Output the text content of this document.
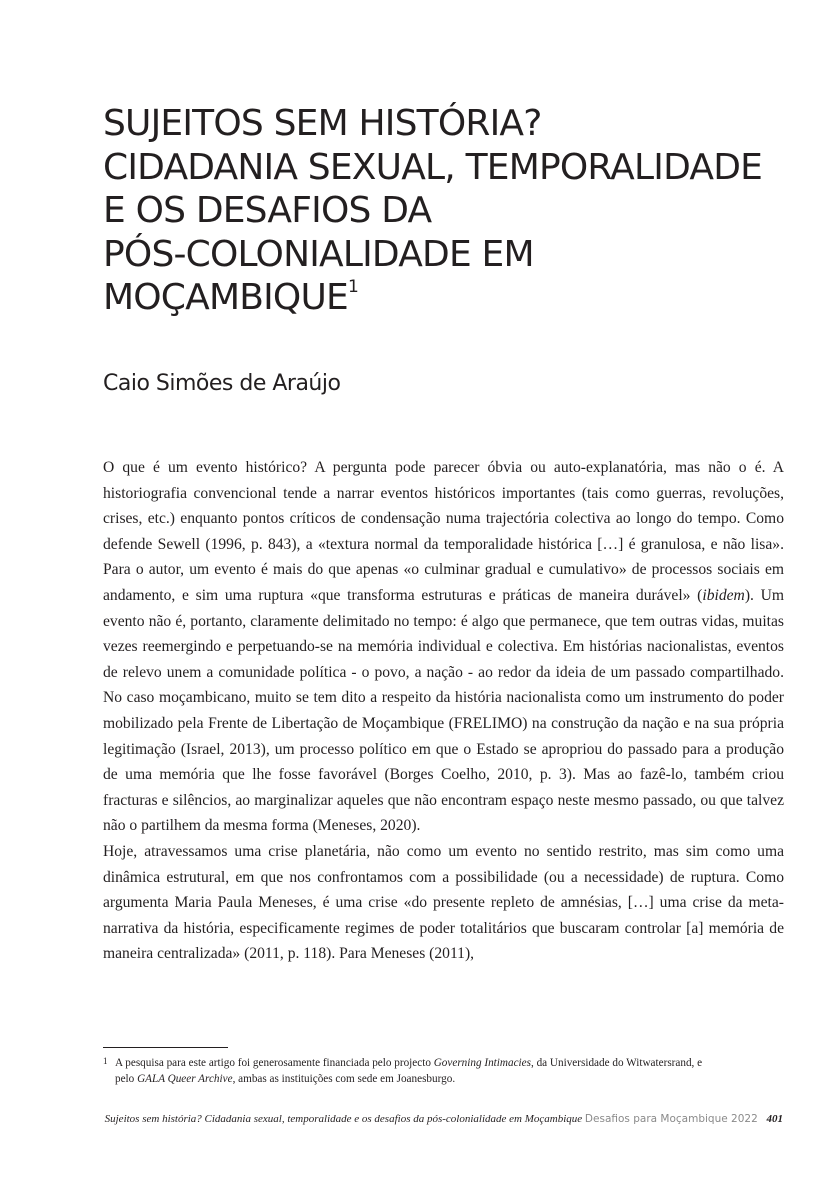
SUJEITOS SEM HISTÓRIA?
CIDADANIA SEXUAL, TEMPORALIDADE
E OS DESAFIOS DA
PÓS-COLONIALIDADE EM
MOÇAMBIQUE$^1$
Caio Simões de Araújo

O que é um evento histórico? A pergunta pode parecer óbvia ou auto-explanatória, mas não o é. A historiografia convencional tende a narrar eventos históricos importantes (tais como guerras, revoluções, crises, etc.) enquanto pontos críticos de condensação numa trajectória colectiva ao longo do tempo. Como defende Sewell (1996, p. 843), a «textura normal da temporalidade histórica […] é granulosa, e não lisa». Para o autor, um evento é mais do que apenas «o culminar gradual e cumulativo» de processos sociais em andamento, e sim uma ruptura «que transforma estruturas e práticas de maneira durável» (ibidem). Um evento não é, portanto, claramente delimitado no tempo: é algo que permanece, que tem outras vidas, muitas vezes reemergindo e perpetuando-se na memória individual e colectiva. Em histórias nacionalistas, eventos de relevo unem a comunidade política - o povo, a nação - ao redor da ideia de um passado compartilhado. No caso moçambicano, muito se tem dito a respeito da história nacionalista como um instrumento do poder mobilizado pela Frente de Libertação de Moçambique (FRELIMO) na construção da nação e na sua própria legitimação (Israel, 2013), um processo político em que o Estado se apropriou do passado para a produção de uma memória que lhe fosse favorável (Borges Coelho, 2010, p. 3). Mas ao fazê-lo, também criou fracturas e silêncios, ao marginalizar aqueles que não encontram espaço neste mesmo passado, ou que talvez não o partilhem da mesma forma (Meneses, 2020).

Hoje, atravessamos uma crise planetária, não como um evento no sentido restrito, mas sim como uma dinâmica estrutural, em que nos confrontamos com a possibilidade (ou a necessidade) de ruptura. Como argumenta Maria Paula Meneses, é uma crise «do presente repleto de amnésias, […] uma crise da meta-narrativa da história, especificamente regimes de poder totalitários que buscaram controlar [a] memória de maneira centralizada» (2011, p. 118). Para Meneses (2011),

1 A pesquisa para este artigo foi generosamente financiada pelo projecto Governing Intimacies, da Universidade do Witwatersrand, e pelo GALA Queer Archive, ambas as instituições com sede em Joanesburgo.
Sujeitos sem história? Cidadania sexual, temporalidade e os desafios da pós-colonialidade em Moçambique Desafios para Moçambique 2022 401
